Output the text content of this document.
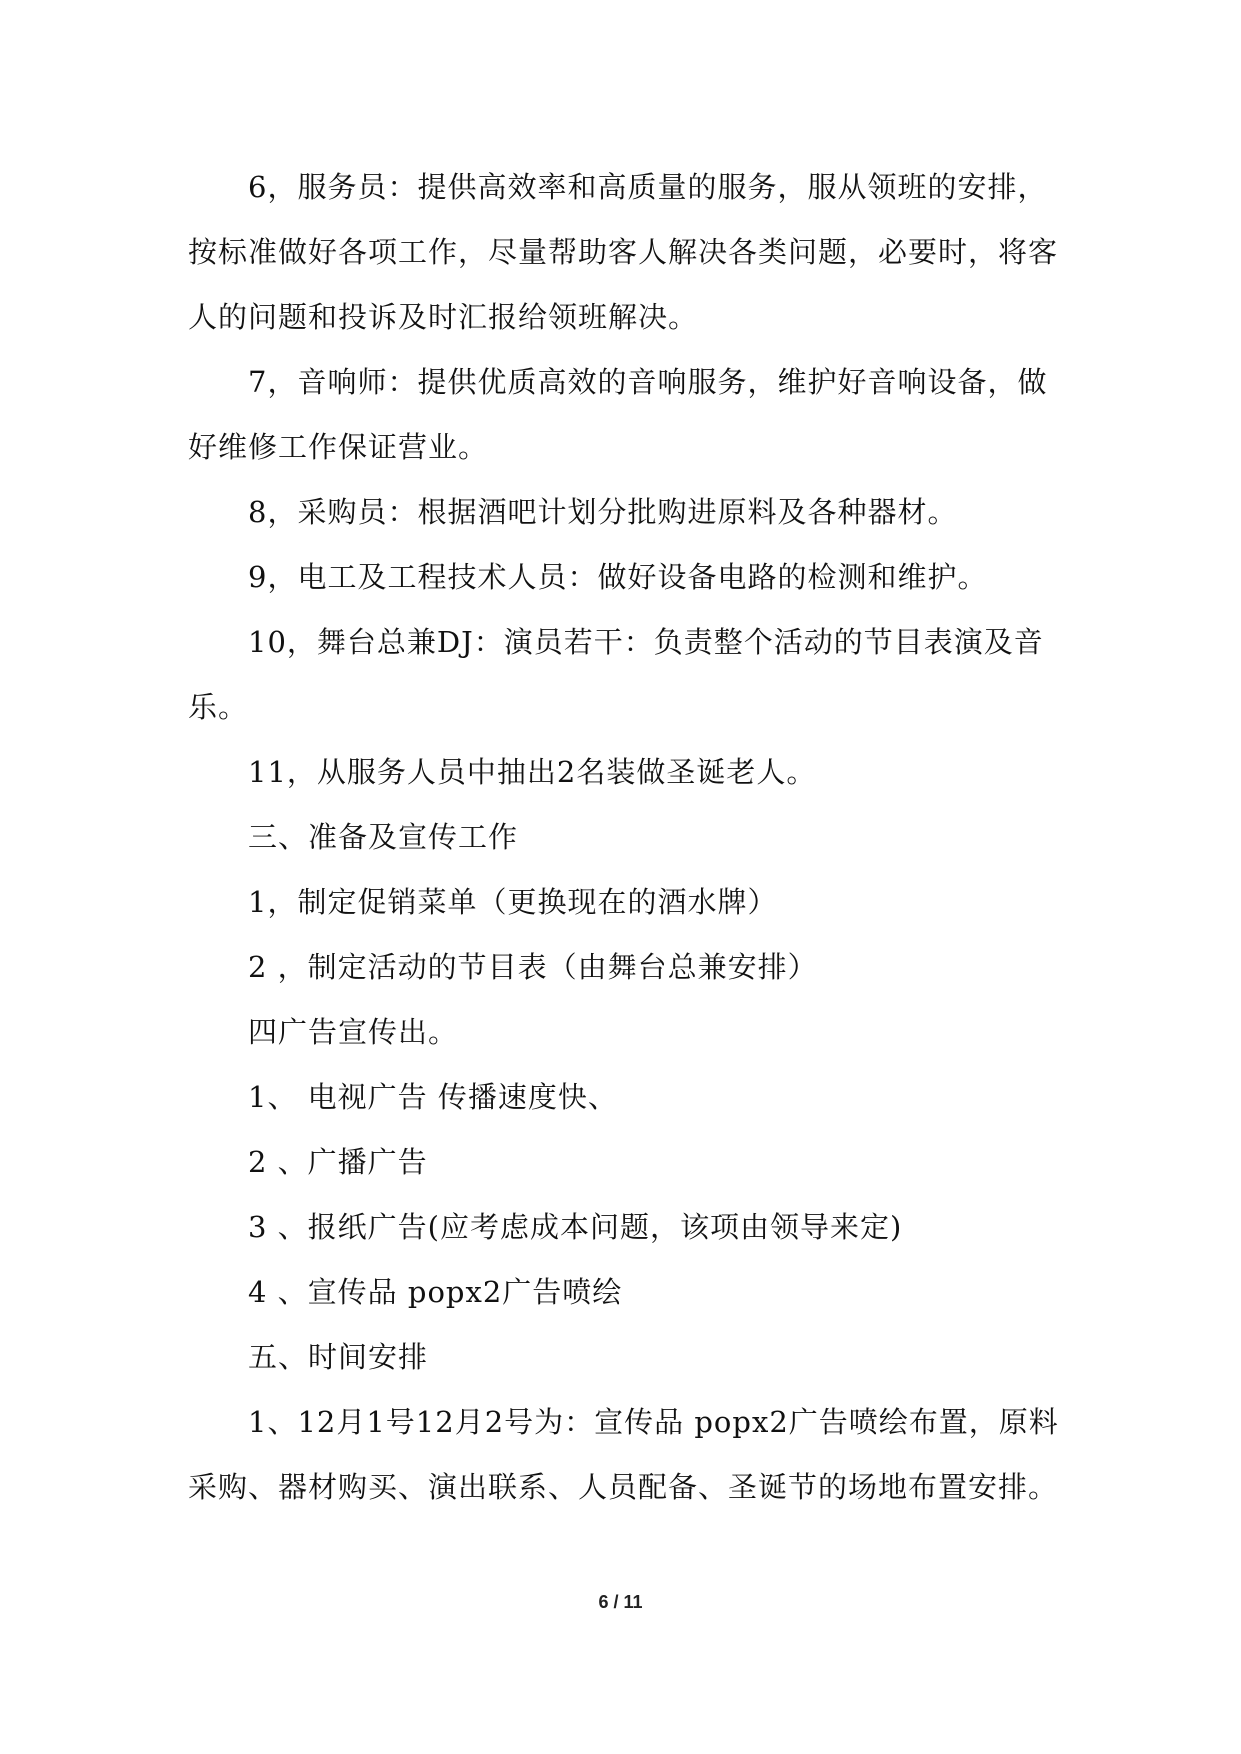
6，服务员：提供高效率和高质量的服务，服从领班的安排，按标准做好各项工作，尽量帮助客人解决各类问题，必要时，将客人的问题和投诉及时汇报给领班解决。

7，音响师：提供优质高效的音响服务，维护好音响设备，做好维修工作保证营业。

8，采购员：根据酒吧计划分批购进原料及各种器材。

9，电工及工程技术人员：做好设备电路的检测和维护。

10，舞台总兼DJ：演员若干：负责整个活动的节目表演及音乐。

11，从服务人员中抽出2名装做圣诞老人。

三、准备及宣传工作

1，制定促销菜单（更换现在的酒水牌）

2 ，制定活动的节目表（由舞台总兼安排）

四广告宣传出。

1、 电视广告 传播速度快、

2 、广播广告

3 、报纸广告(应考虑成本问题，该项由领导来定)

4 、宣传品 popx2广告喷绘

五、时间安排

1、12月1号12月2号为：宣传品 popx2广告喷绘布置，原料采购、器材购买、演出联系、人员配备、圣诞节的场地布置安排。

6 / 11
